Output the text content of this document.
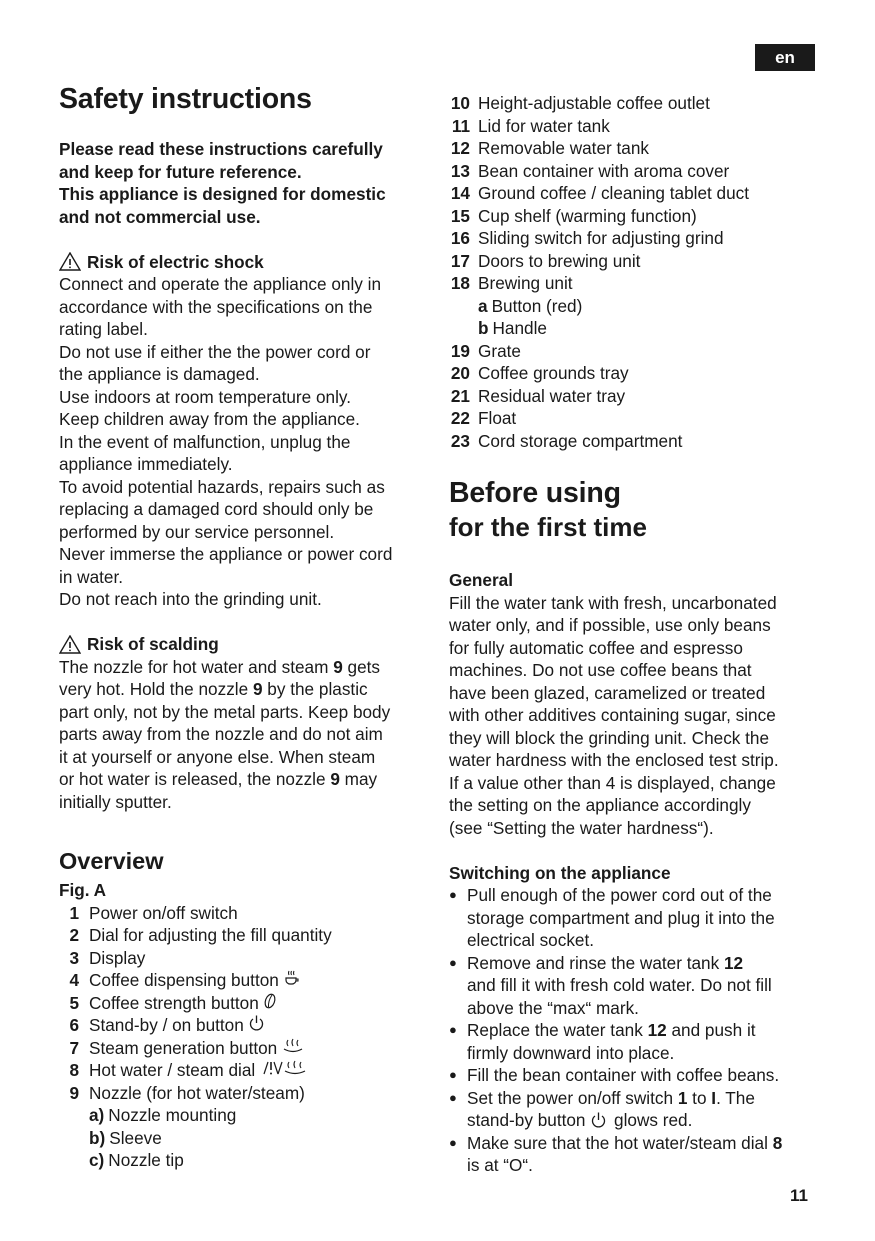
en
Safety instructions

Please read these instructions carefully

and keep for future reference.

This appliance is designed for domestic

and not commercial use.

Risk of electric shock

Connect and operate the appliance only in

accordance with the specifications on the

rating label.

Do not use if either the the power cord or

the appliance is damaged.

Use indoors at room temperature only.

Keep children away from the appliance.

In the event of malfunction, unplug the

appliance immediately.

To avoid potential hazards, repairs such as

replacing a damaged cord should only be

performed by our service personnel.

Never immerse the appliance or power cord

in water.

Do not reach into the grinding unit.

Risk of scalding

The nozzle for hot water and steam 9 gets

very hot. Hold the nozzle 9 by the plastic

part only, not by the metal parts. Keep body

parts away from the nozzle and do not aim

it at yourself or anyone else. When steam

or hot water is released, the nozzle 9 may

initially sputter.

Overview
Fig. A
1 Power on/off switch
2 Dial for adjusting the fill quantity
3 Display
4 Coffee dispensing button
5 Coffee strength button
6 Stand-by / on button
7 Steam generation button
8 Hot water / steam dial
9 Nozzle (for hot water/steam)
a) Nozzle mounting
b) Sleeve
c) Nozzle tip
10 Height-adjustable coffee outlet
11 Lid for water tank
12 Removable water tank
13 Bean container with aroma cover
14 Ground coffee / cleaning tablet duct
15 Cup shelf (warming function)
16 Sliding switch for adjusting grind
17 Doors to brewing unit
18 Brewing unit
a Button (red)
b Handle
19 Grate
20 Coffee grounds tray
21 Residual water tray
22 Float
23 Cord storage compartment
Before using
for the first time
General

Fill the water tank with fresh, uncarbonated

water only, and if possible, use only beans

for fully automatic coffee and espresso

machines. Do not use coffee beans that

have been glazed, caramelized or treated

with other additives containing sugar, since

they will block the grinding unit. Check the

water hardness with the enclosed test strip.

If a value other than 4 is displayed, change

the setting on the appliance accordingly

(see “Setting the water hardness“).

Switching on the appliance
● Pull enough of the power cord out of the

storage compartment and plug it into the

electrical socket.

● Remove and rinse the water tank 12

and fill it with fresh cold water. Do not fill

above the “max“ mark.

● Replace the water tank 12 and push it

firmly downward into place.

● Fill the bean container with coffee beans.

● Set the power on/off switch 1 to I. The

stand-by button  glows red.

● Make sure that the hot water/steam dial 8

is at “O“.

11
